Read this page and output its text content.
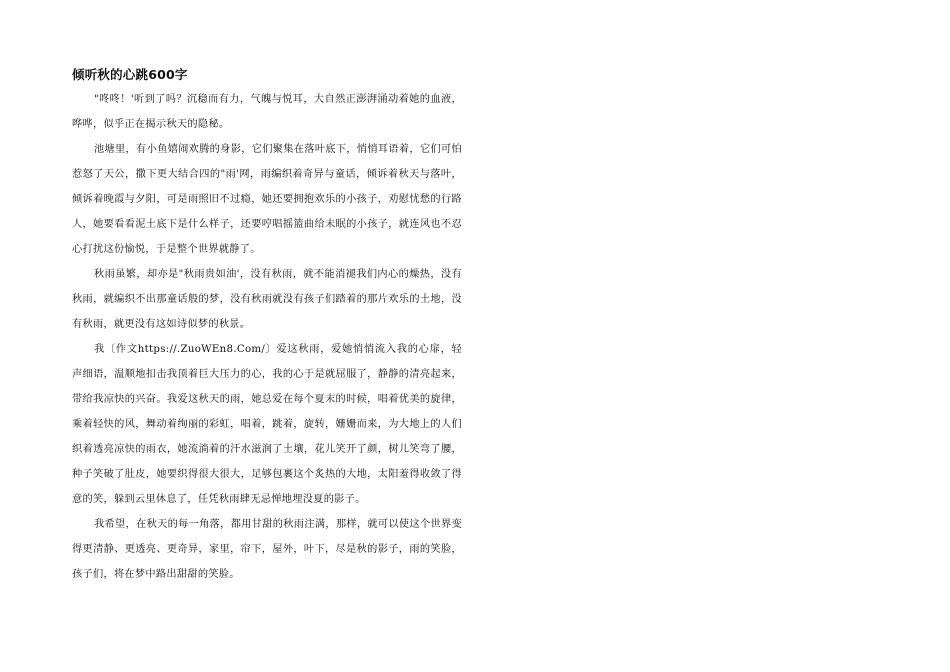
倾听秋的心跳600字

"咚咚！'听到了吗？沉稳而有力，气魄与悦耳，大自然正澎湃涌动着她的血液，哗哗，似乎正在揭示秋天的隐秘。

池塘里，有小鱼嬉闹欢腾的身影，它们聚集在落叶底下，悄悄耳语着，它们可怕惹怒了天公，撒下更大结合四的"雨'网，雨编织着奇异与童话，倾诉着秋天与落叶，倾诉着晚霞与夕阳，可是雨照旧不过瘾，她还要拥抱欢乐的小孩子，劝慰忧愁的行路人，她要看看泥土底下是什么样子，还要哼唱摇篮曲给未眠的小孩子，就连风也不忍心打扰这份愉悦，于是整个世界就静了。

秋雨虽繁，却亦是"秋雨贵如油'，没有秋雨，就不能消褪我们内心的燥热，没有秋雨，就编织不出那童话般的梦，没有秋雨就没有孩子们踏着的那片欢乐的土地，没有秋雨，就更没有这如诗似梦的秋景。

我〔作文https://.ZuoWEn8.Com/〕爱这秋雨，爱她悄悄流入我的心扉，轻声细语，温顺地扣击我顶着巨大压力的心，我的心于是就屈服了，静静的清亮起来，带给我凉快的兴奋。我爱这秋天的雨，她总爱在每个夏末的时候，唱着优美的旋律，乘着轻快的风，舞动着绚丽的彩虹，唱着，跳着，旋转，姗姗而来，为大地上的人们织着透亮凉快的雨衣，她流淌着的汗水滋润了土壤，花儿笑开了颜，树儿笑弯了腰，种子笑破了肚皮，她要织得很大很大，足够包裹这个炙热的大地，太阳羞得收敛了得意的笑，躲到云里休息了，任凭秋雨肆无忌惮地埋没夏的影子。

我希望，在秋天的每一角落，都用甘甜的秋雨注满，那样，就可以使这个世界变得更清静、更透亮、更奇异，家里，帘下，屋外，叶下，尽是秋的影子，雨的笑脸，孩子们，将在梦中路出甜甜的笑脸。
